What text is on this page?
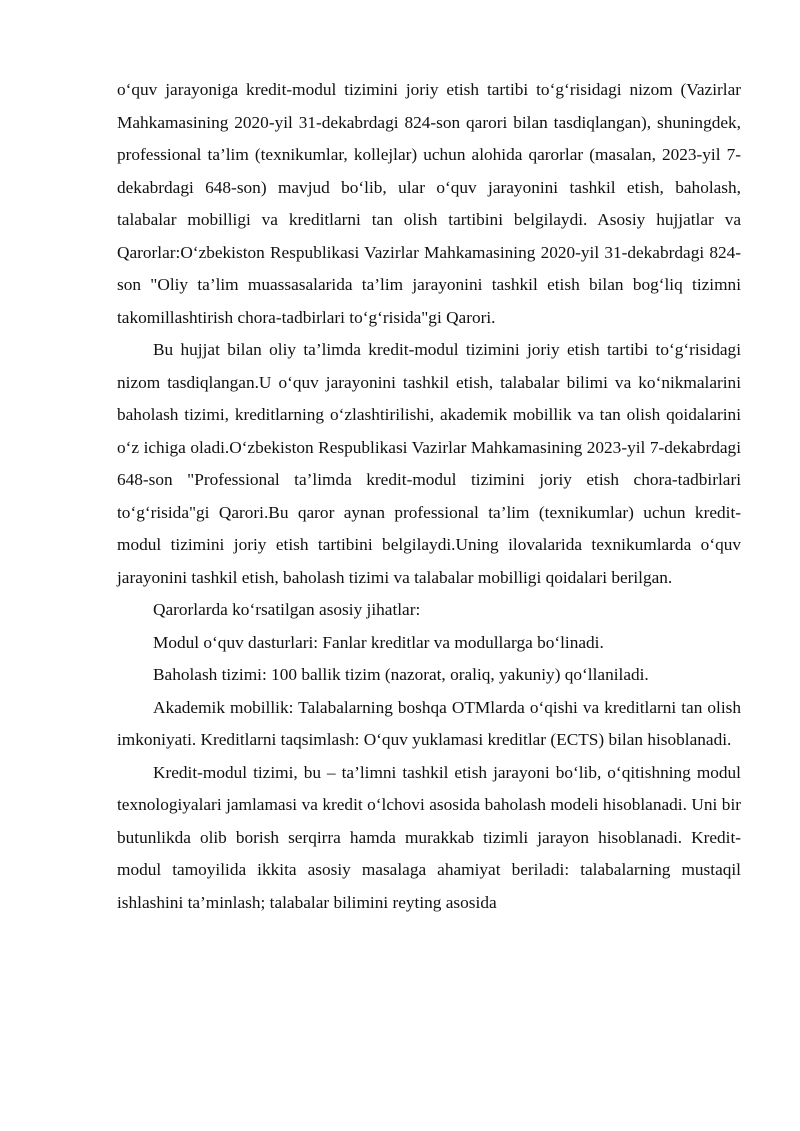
o‘quv jarayoniga kredit-modul tizimini joriy etish tartibi to‘g‘risidagi nizom (Vazirlar Mahkamasining 2020-yil 31-dekabrdagi 824-son qarori bilan tasdiqlangan), shuningdek, professional ta’lim (texnikumlar, kollejlar) uchun alohida qarorlar (masalan, 2023-yil 7-dekabrdagi 648-son) mavjud bo‘lib, ular o‘quv jarayonini tashkil etish, baholash, talabalar mobilligi va kreditlarni tan olish tartibini belgilaydi. Asosiy hujjatlar va Qarorlar:O‘zbekiston Respublikasi Vazirlar Mahkamasining 2020-yil 31-dekabrdagi 824-son "Oliy ta’lim muassasalarida ta’lim jarayonini tashkil etish bilan bog‘liq tizimni takomillashtirish chora-tadbirlari to‘g‘risida"gi Qarori.

Bu hujjat bilan oliy ta’limda kredit-modul tizimini joriy etish tartibi to‘g‘risidagi nizom tasdiqlangan.U o‘quv jarayonini tashkil etish, talabalar bilimi va ko‘nikmalarini baholash tizimi, kreditlarning o‘zlashtirilishi, akademik mobillik va tan olish qoidalarini o‘z ichiga oladi.O‘zbekiston Respublikasi Vazirlar Mahkamasining 2023-yil 7-dekabrdagi 648-son "Professional ta’limda kredit-modul tizimini joriy etish chora-tadbirlari to‘g‘risida"gi Qarori.Bu qaror aynan professional ta’lim (texnikumlar) uchun kredit-modul tizimini joriy etish tartibini belgilaydi.Uning ilovalarida texnikumlarda o‘quv jarayonini tashkil etish, baholash tizimi va talabalar mobilligi qoidalari berilgan.

Qarorlarda ko‘rsatilgan asosiy jihatlar:

Modul o‘quv dasturlari: Fanlar kreditlar va modullarga bo‘linadi.

Baholash tizimi: 100 ballik tizim (nazorat, oraliq, yakuniy) qo‘llaniladi.

Akademik mobillik: Talabalarning boshqa OTMlarda o‘qishi va kreditlarni tan olish imkoniyati. Kreditlarni taqsimlash: O‘quv yuklamasi kreditlar (ECTS) bilan hisoblanadi.

Kredit-modul tizimi, bu – ta’limni tashkil etish jarayoni bo‘lib, o‘qitishning modul texnologiyalari jamlamasi va kredit o‘lchovi asosida baholash modeli hisoblanadi. Uni bir butunlikda olib borish serqirra hamda murakkab tizimli jarayon hisoblanadi. Kredit-modul tamoyilida ikkita asosiy masalaga ahamiyat beriladi: talabalarning mustaqil ishlashini ta’minlash; talabalar bilimini reyting asosida
